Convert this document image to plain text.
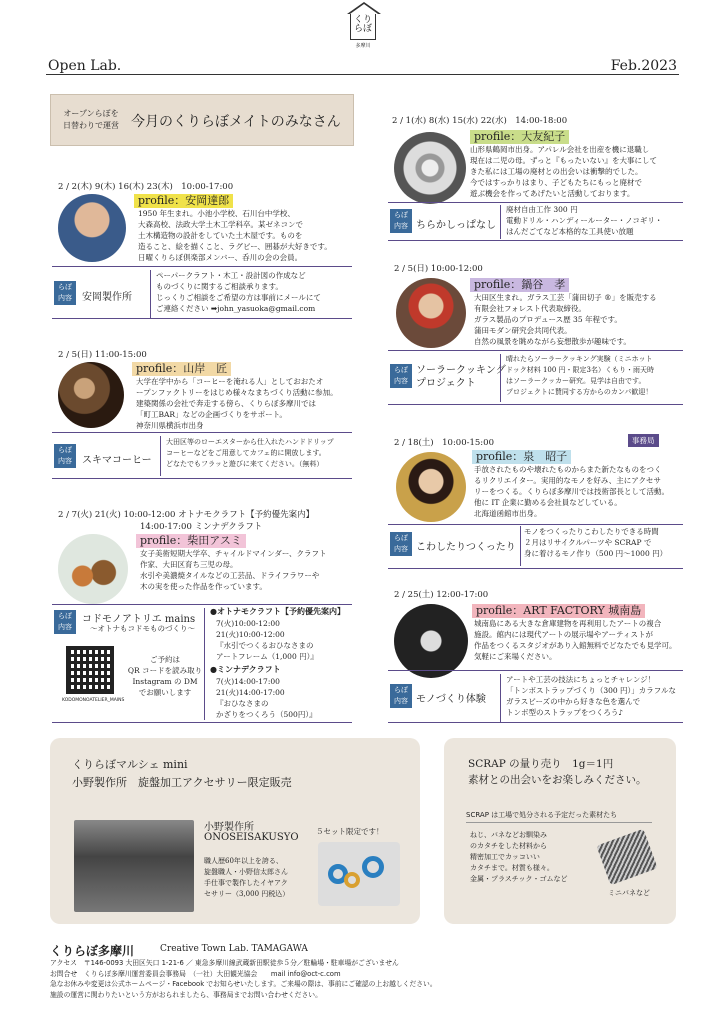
Open Lab.	Feb.2023
くりらぼ
多摩川
オープンらぼを
日替わりで運営 今月のくりらぼメイトのみなさん
2 / 2(木) 9(木) 16(木) 23(木)　10:00-17:00
profile：安岡達郎
1950 年生まれ。小池小学校、石川台中学校、
大森高校、法政大学土木工学科卒。某ゼネコンで
土木構造物の設計をしていた土木屋です。ものを
造ること、絵を描くこと、ラグビー、囲碁が大好きです。
日曜くりらぼ倶楽部メンバー、呑川の会の会員。
らぼ
内容	安岡製作所
ペーパークラフト・木工・設計図の作成など
ものづくりに関するご相談承ります。
じっくりご相談をご希望の方は事前にメールにて
ご連絡ください ➡john_yasuoka@gmail.com
2 / 5(日) 11:00-15:00
profile：山岸　匠
大学在学中から「コーヒーを淹れる人」としておおたオ
ープンファクトリーをはじめ様々なまちづくり活動に参加。
建築関係の会社で奔走する傍ら、くりらぼ多摩川では
「町工BAR」などの企画づくりをサポート。
神奈川県横浜市出身
らぼ
内容	スキマコーヒー
大田区等のローエスターから仕入れたハンドドリップ
コーヒーなどをご用意してカフェ的に開放します。
どなたでもフラッと遊びに来てください。（無料）
2 / 7(火) 21(火) 10:00-12:00 オトナモクラフト【予約優先案内】
14:00-17:00 ミンナデクラフト
profile：柴田アスミ
女子美術短期大学卒、チャイルドマインダー、クラフト
作家、大田区育ち三児の母。
水引や美濃焼タイルなどの工芸品、ドライフラワーや
木の実を使った作品を作っています。
らぼ
内容
コドモノアトリエ mains
～オトナもコドモものづくり～
KODOMONOATELIER_MAINS
ご予約は
QR コードを読み取り
Instagram の DM
でお願いします
●オトナモクラフト【予約優先案内】
7(火)10:00-12:00
21(火)10:00-12:00
『水引でつくるおひなさまの
アートフレーム（1,000 円）』
●ミンナデクラフト
7(火)14:00-17:00
21(火)14:00-17:00
『おひなさまの
かざりをつくろう（500円）』
2 / 1(水) 8(水) 15(水) 22(水)　14:00-18:00
profile：大友紀子
山形県鶴岡市出身。アパレル会社を出産を機に退職し
現在は二児の母。ずっと『もったいない』を大事にして
きた私には工場の廃材との出会いは衝撃的でした。
今ではすっかりはまり、子どもたちにもっと廃材で
遊ぶ機会を作ってあげたいと活動しております。
らぼ
内容 ちらかしっぱなし
廃材自由工作 300 円
電動ドリル・ハンディールーター・ノコギリ・
はんだごてなど本格的な工具使い放題
2 / 5(日) 10:00-12:00
profile：鍋谷　孝
大田区生まれ。ガラス工芸「蒲田切子 ®」を販売する
有限会社フォレスト代表取締役。
ガラス製品のプロデュース歴 35 年程です。
蒲田モダン研究会共同代表。
自然の風景を眺めながら妄想散歩が趣味です。
らぼ
内容
ソーラークッキング
プロジェクト
晴れたらソーラークッキング実験（ミニホット
ドック材料 100 円・限定3名）くもり・雨天時
はソーラークッカー研究。見学は自由です。
プロジェクトに賛同する方からのカンパ歓迎！
2 / 18(土)　10:00-15:00	事務局
profile：泉　昭子
手放されたものや壊れたものからまた新たなものをつく
るリクリエイター。実用的なモノを好み、主にアクセサ
リーをつくる。くりらぼ多摩川では技術部長として活動。
他に IT 企業に勤める会社員などしている。
北海道函館市出身。
らぼ
内容 こわしたりつくったり
モノをつくったりこわしたりできる時間
２月はリサイクルパーツや SCRAP で
身に着けるモノ作り（500 円〜1000 円）
2 / 25(土) 12:00-17:00
profile：ART FACTORY 城南島
城南島にある大きな倉庫建物を再利用したアートの複合
施設。館内には現代アートの展示場やアーティストが
作品をつくるスタジオがあり入館無料でどなたでも見学可。
気軽にご来場ください。
らぼ
内容 モノづくり体験
アートや工芸の技法にちょっとチャレンジ！
「トンボストラップづくり（300 円）」カラフルな
ガラスビーズの中から好きな色を選んで
トンボ型のストラップをつくろう♪
くりらぼマルシェ mini
小野製作所　旋盤加工アクセサリー限定販売
小野製作所
ONOSEISAKUSYO
５セット限定です！
職人歴60年以上を誇る、
旋盤職人・小野信太郎さん
手仕事で製作したイヤアク
セサリー（3,000 円税込）
SCRAP の量り売り　1g＝1円
素材との出会いをお楽しみください。
SCRAP は工場で処分される予定だった素材たち
ねじ、バネなどお馴染み
のカタチをした材料から
精密加工でカッコいい
カタチまで。材質も様々。
金属・プラスチック・ゴムなど
ミニバネなど
くりらぼ多摩川	Creative Town Lab. TAMAGAWA
アクセス　〒146-0093 大田区矢口 1-21-6 ／ 東急多摩川線武蔵新田駅徒歩５分／駐輪場・駐車場がございません
お問合せ　くりらぼ多摩川運営委員会事務局　（一社）大田観光協会　　mail info@oct-c.com
急なお休みや変更は公式ホームページ・Facebook でお知らせいたします。ご来場の際は、事前にご確認の上お越しください。
施設の運営に関わりたいという方がおられましたら、事務局までお問い合わせください。
